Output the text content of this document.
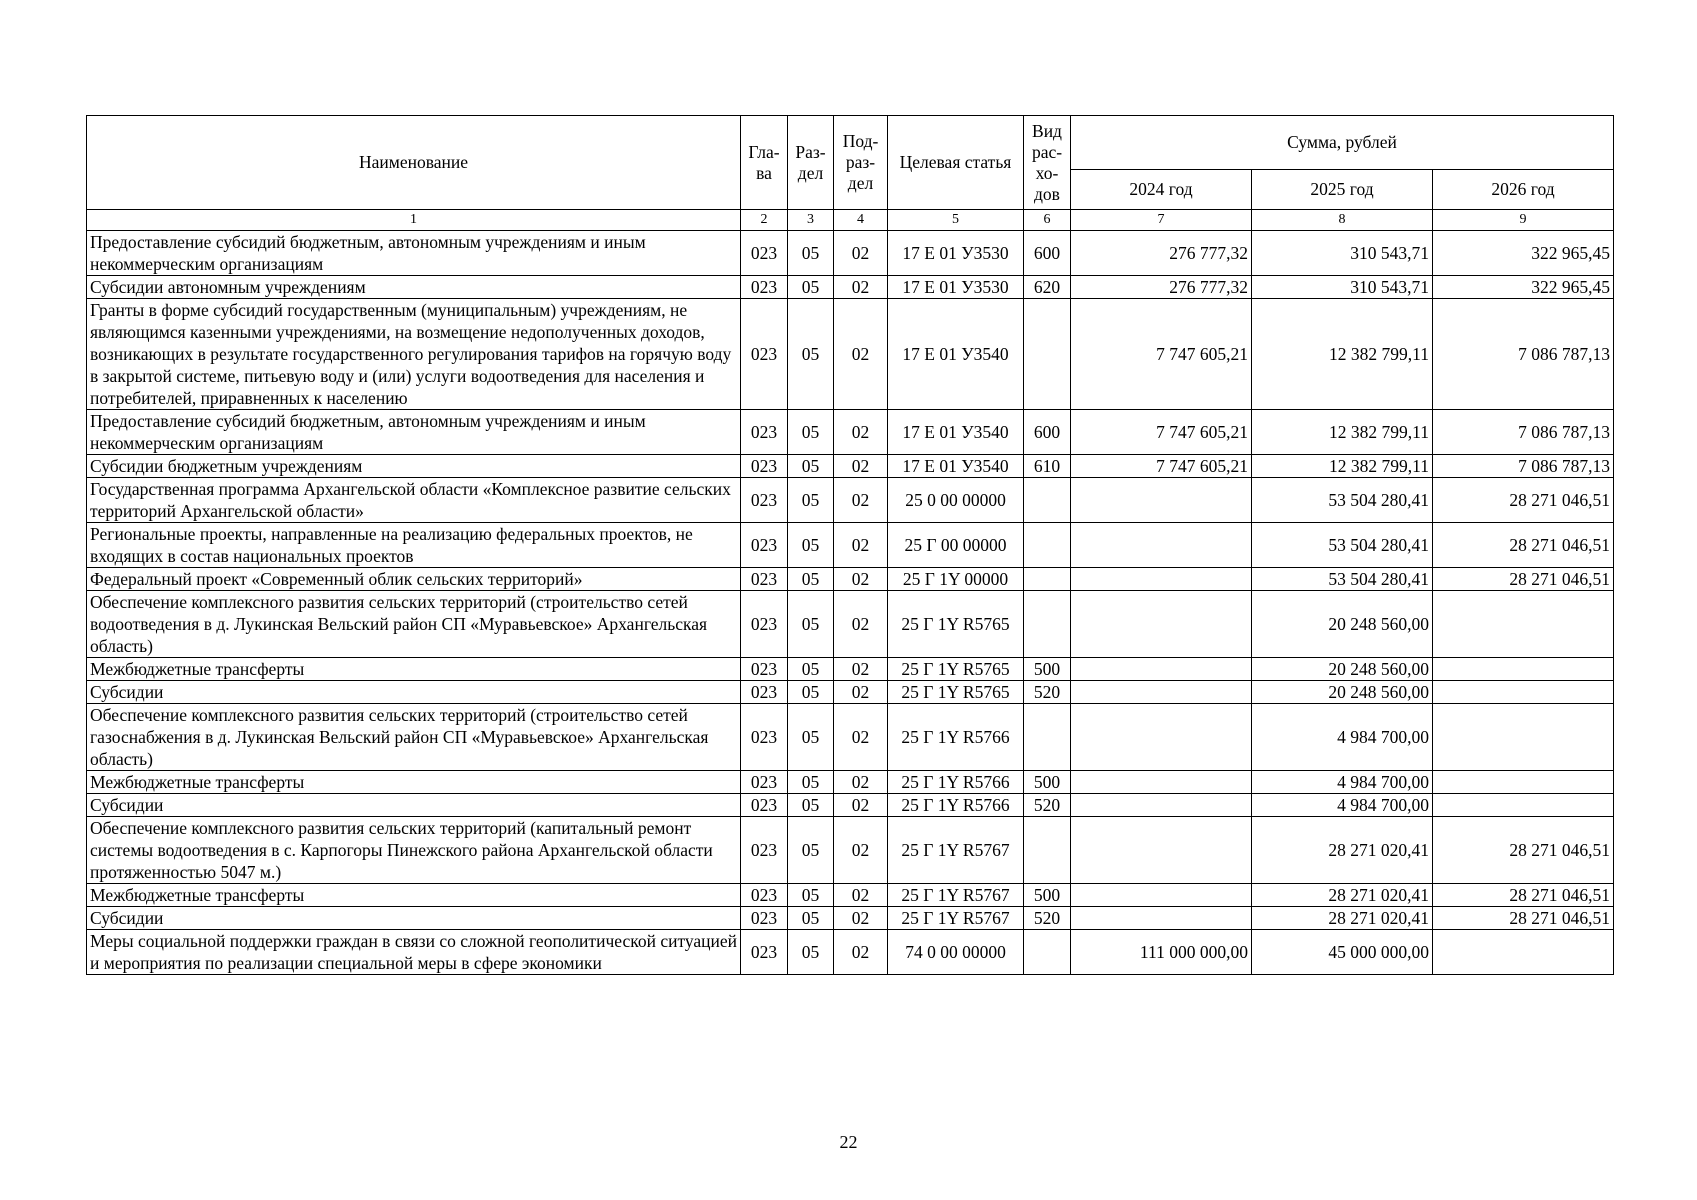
Наименование	Гла-ва	Раз-дел	Под-раз-дел	Целевая статья	Вид рас-хо-дов	Сумма, рублей		
						2024 год	2025 год	2026 год
1	2	3	4	5	6	7	8	9
Предоставление субсидий бюджетным, автономным учреждениям и иным некоммерческим организациям	023	05	02	17 Е 01 У3530	600	276 777,32	310 543,71	322 965,45
Субсидии автономным учреждениям	023	05	02	17 Е 01 У3530	620	276 777,32	310 543,71	322 965,45
Гранты в форме субсидий государственным (муниципальным) учреждениям, не являющимся казенными учреждениями, на возмещение недополученных доходов, возникающих в результате государственного регулирования тарифов на горячую воду в закрытой системе, питьевую воду и (или) услуги водоотведения для населения и потребителей, приравненных к населению	023	05	02	17 Е 01 У3540		7 747 605,21	12 382 799,11	7 086 787,13
Предоставление субсидий бюджетным, автономным учреждениям и иным некоммерческим организациям	023	05	02	17 Е 01 У3540	600	7 747 605,21	12 382 799,11	7 086 787,13
Субсидии бюджетным учреждениям	023	05	02	17 Е 01 У3540	610	7 747 605,21	12 382 799,11	7 086 787,13
Государственная программа Архангельской области «Комплексное развитие сельских территорий Архангельской области»	023	05	02	25 0 00 00000			53 504 280,41	28 271 046,51
Региональные проекты, направленные на реализацию федеральных проектов, не входящих в состав национальных проектов	023	05	02	25 Г 00 00000			53 504 280,41	28 271 046,51
Федеральный проект «Современный облик сельских территорий»	023	05	02	25 Г 1Y 00000			53 504 280,41	28 271 046,51
Обеспечение комплексного развития сельских территорий (строительство сетей водоотведения в д. Лукинская Вельский район СП «Муравьевское» Архангельская область)	023	05	02	25 Г 1Y R5765			20 248 560,00	
Межбюджетные трансферты	023	05	02	25 Г 1Y R5765	500		20 248 560,00	
Субсидии	023	05	02	25 Г 1Y R5765	520		20 248 560,00	
Обеспечение комплексного развития сельских территорий (строительство сетей газоснабжения в д. Лукинская Вельский район СП «Муравьевское» Архангельская область)	023	05	02	25 Г 1Y R5766			4 984 700,00	
Межбюджетные трансферты	023	05	02	25 Г 1Y R5766	500		4 984 700,00	
Субсидии	023	05	02	25 Г 1Y R5766	520		4 984 700,00	
Обеспечение комплексного развития сельских территорий (капитальный ремонт системы водоотведения в с. Карпогоры Пинежского района Архангельской области протяженностью 5047 м.)	023	05	02	25 Г 1Y R5767			28 271 020,41	28 271 046,51
Межбюджетные трансферты	023	05	02	25 Г 1Y R5767	500		28 271 020,41	28 271 046,51
Субсидии	023	05	02	25 Г 1Y R5767	520		28 271 020,41	28 271 046,51
Меры социальной поддержки граждан в связи со сложной геополитической ситуацией и мероприятия по реализации специальной меры в сфере экономики	023	05	02	74 0 00 00000		111 000 000,00	45 000 000,00	
22
